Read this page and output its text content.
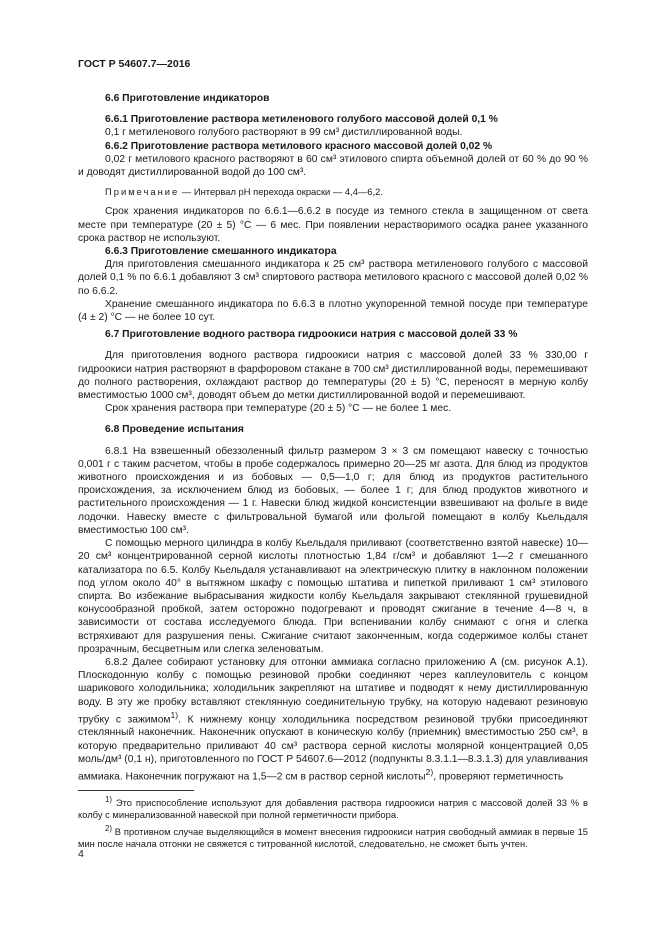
ГОСТ Р 54607.7—2016

6.6 Приготовление индикаторов

6.6.1 Приготовление раствора метиленового голубого массовой долей 0,1 %

0,1 г метиленового голубого растворяют в 99 см³ дистиллированной воды.

6.6.2 Приготовление раствора метилового красного массовой долей 0,02 %

0,02 г метилового красного растворяют в 60 см³ этилового спирта объемной долей от 60 % до 90 % и доводят дистиллированной водой до 100 см³.

Примечание — Интервал рН перехода окраски — 4,4—6,2.

Срок хранения индикаторов по 6.6.1—6.6.2 в посуде из темного стекла в защищенном от света месте при температуре (20 ± 5) °С — 6 мес. При появлении нерастворимого осадка ранее указанного срока раствор не используют.

6.6.3 Приготовление смешанного индикатора

Для приготовления смешанного индикатора к 25 см³ раствора метиленового голубого с массовой долей 0,1 % по 6.6.1 добавляют 3 см³ спиртового раствора метилового красного с массовой долей 0,02 % по 6.6.2.

Хранение смешанного индикатора по 6.6.3 в плотно укупоренной темной посуде при температуре (4 ± 2) °С — не более 10 сут.

6.7 Приготовление водного раствора гидроокиси натрия с массовой долей 33 %

Для приготовления водного раствора гидроокиси натрия с массовой долей 33 % 330,00 г гидроокиси натрия растворяют в фарфоровом стакане в 700 см³ дистиллированной воды, перемешивают до полного растворения, охлаждают раствор до температуры (20 ± 5) °С, переносят в мерную колбу вместимостью 1000 см³, доводят объем до метки дистиллированной водой и перемешивают.

Срок хранения раствора при температуре (20 ± 5) °С — не более 1 мес.

6.8 Проведение испытания

6.8.1 На взвешенный обеззоленный фильтр размером 3 × 3 см помещают навеску с точностью 0,001 г с таким расчетом, чтобы в пробе содержалось примерно 20—25 мг азота. Для блюд из продуктов животного происхождения и из бобовых — 0,5—1,0 г; для блюд из продуктов растительного происхождения, за исключением блюд из бобовых, — более 1 г; для блюд продуктов животного и растительного происхождения — 1 г. Навески блюд жидкой консистенции взвешивают на фольге в виде лодочки. Навеску вместе с фильтровальной бумагой или фольгой помещают в колбу Кьельдаля вместимостью 100 см³.

С помощью мерного цилиндра в колбу Кьельдаля приливают (соответственно взятой навеске) 10—20 см³ концентрированной серной кислоты плотностью 1,84 г/см³ и добавляют 1—2 г смешанного катализатора по 6.5. Колбу Кьельдаля устанавливают на электрическую плитку в наклонном положении под углом около 40° в вытяжном шкафу с помощью штатива и пипеткой приливают 1 см³ этилового спирта. Во избежание выбрасывания жидкости колбу Кьельдаля закрывают стеклянной грушевидной конусообразной пробкой, затем осторожно подогревают и проводят сжигание в течение 4—8 ч, в зависимости от состава исследуемого блюда. При вспенивании колбу снимают с огня и слегка встряхивают для разрушения пены. Сжигание считают законченным, когда содержимое колбы станет прозрачным, бесцветным или слегка зеленоватым.

6.8.2 Далее собирают установку для отгонки аммиака согласно приложению А (см. рисунок А.1). Плоскодонную колбу с помощью резиновой пробки соединяют через каплеуловитель с концом шарикового холодильника; холодильник закрепляют на штативе и подводят к нему дистиллированную воду. В эту же пробку вставляют стеклянную соединительную трубку, на которую надевают резиновую трубку с зажимом$^{1)}$. К нижнему концу холодильника посредством резиновой трубки присоединяют стеклянный наконечник. Наконечник опускают в коническую колбу (приемник) вместимостью 250 см³, в которую предварительно приливают 40 см³ раствора серной кислоты молярной концентрацией 0,05 моль/дм³ (0,1 н), приготовленного по ГОСТ Р 54607.6—2012 (подпункты 8.3.1.1—8.3.1.3) для улавливания аммиака. Наконечник погружают на 1,5—2 см в раствор серной кислоты$^{2)}$, проверяют герметичность

$^{1)}$ Это приспособление используют для добавления раствора гидроокиси натрия с массовой долей 33 % в колбу с минерализованной навеской при полной герметичности прибора.

$^{2)}$ В противном случае выделяющийся в момент внесения гидроокиси натрия свободный аммиак в первые 15 мин после начала отгонки не свяжется с титрованной кислотой, следовательно, не сможет быть учтен.

4
